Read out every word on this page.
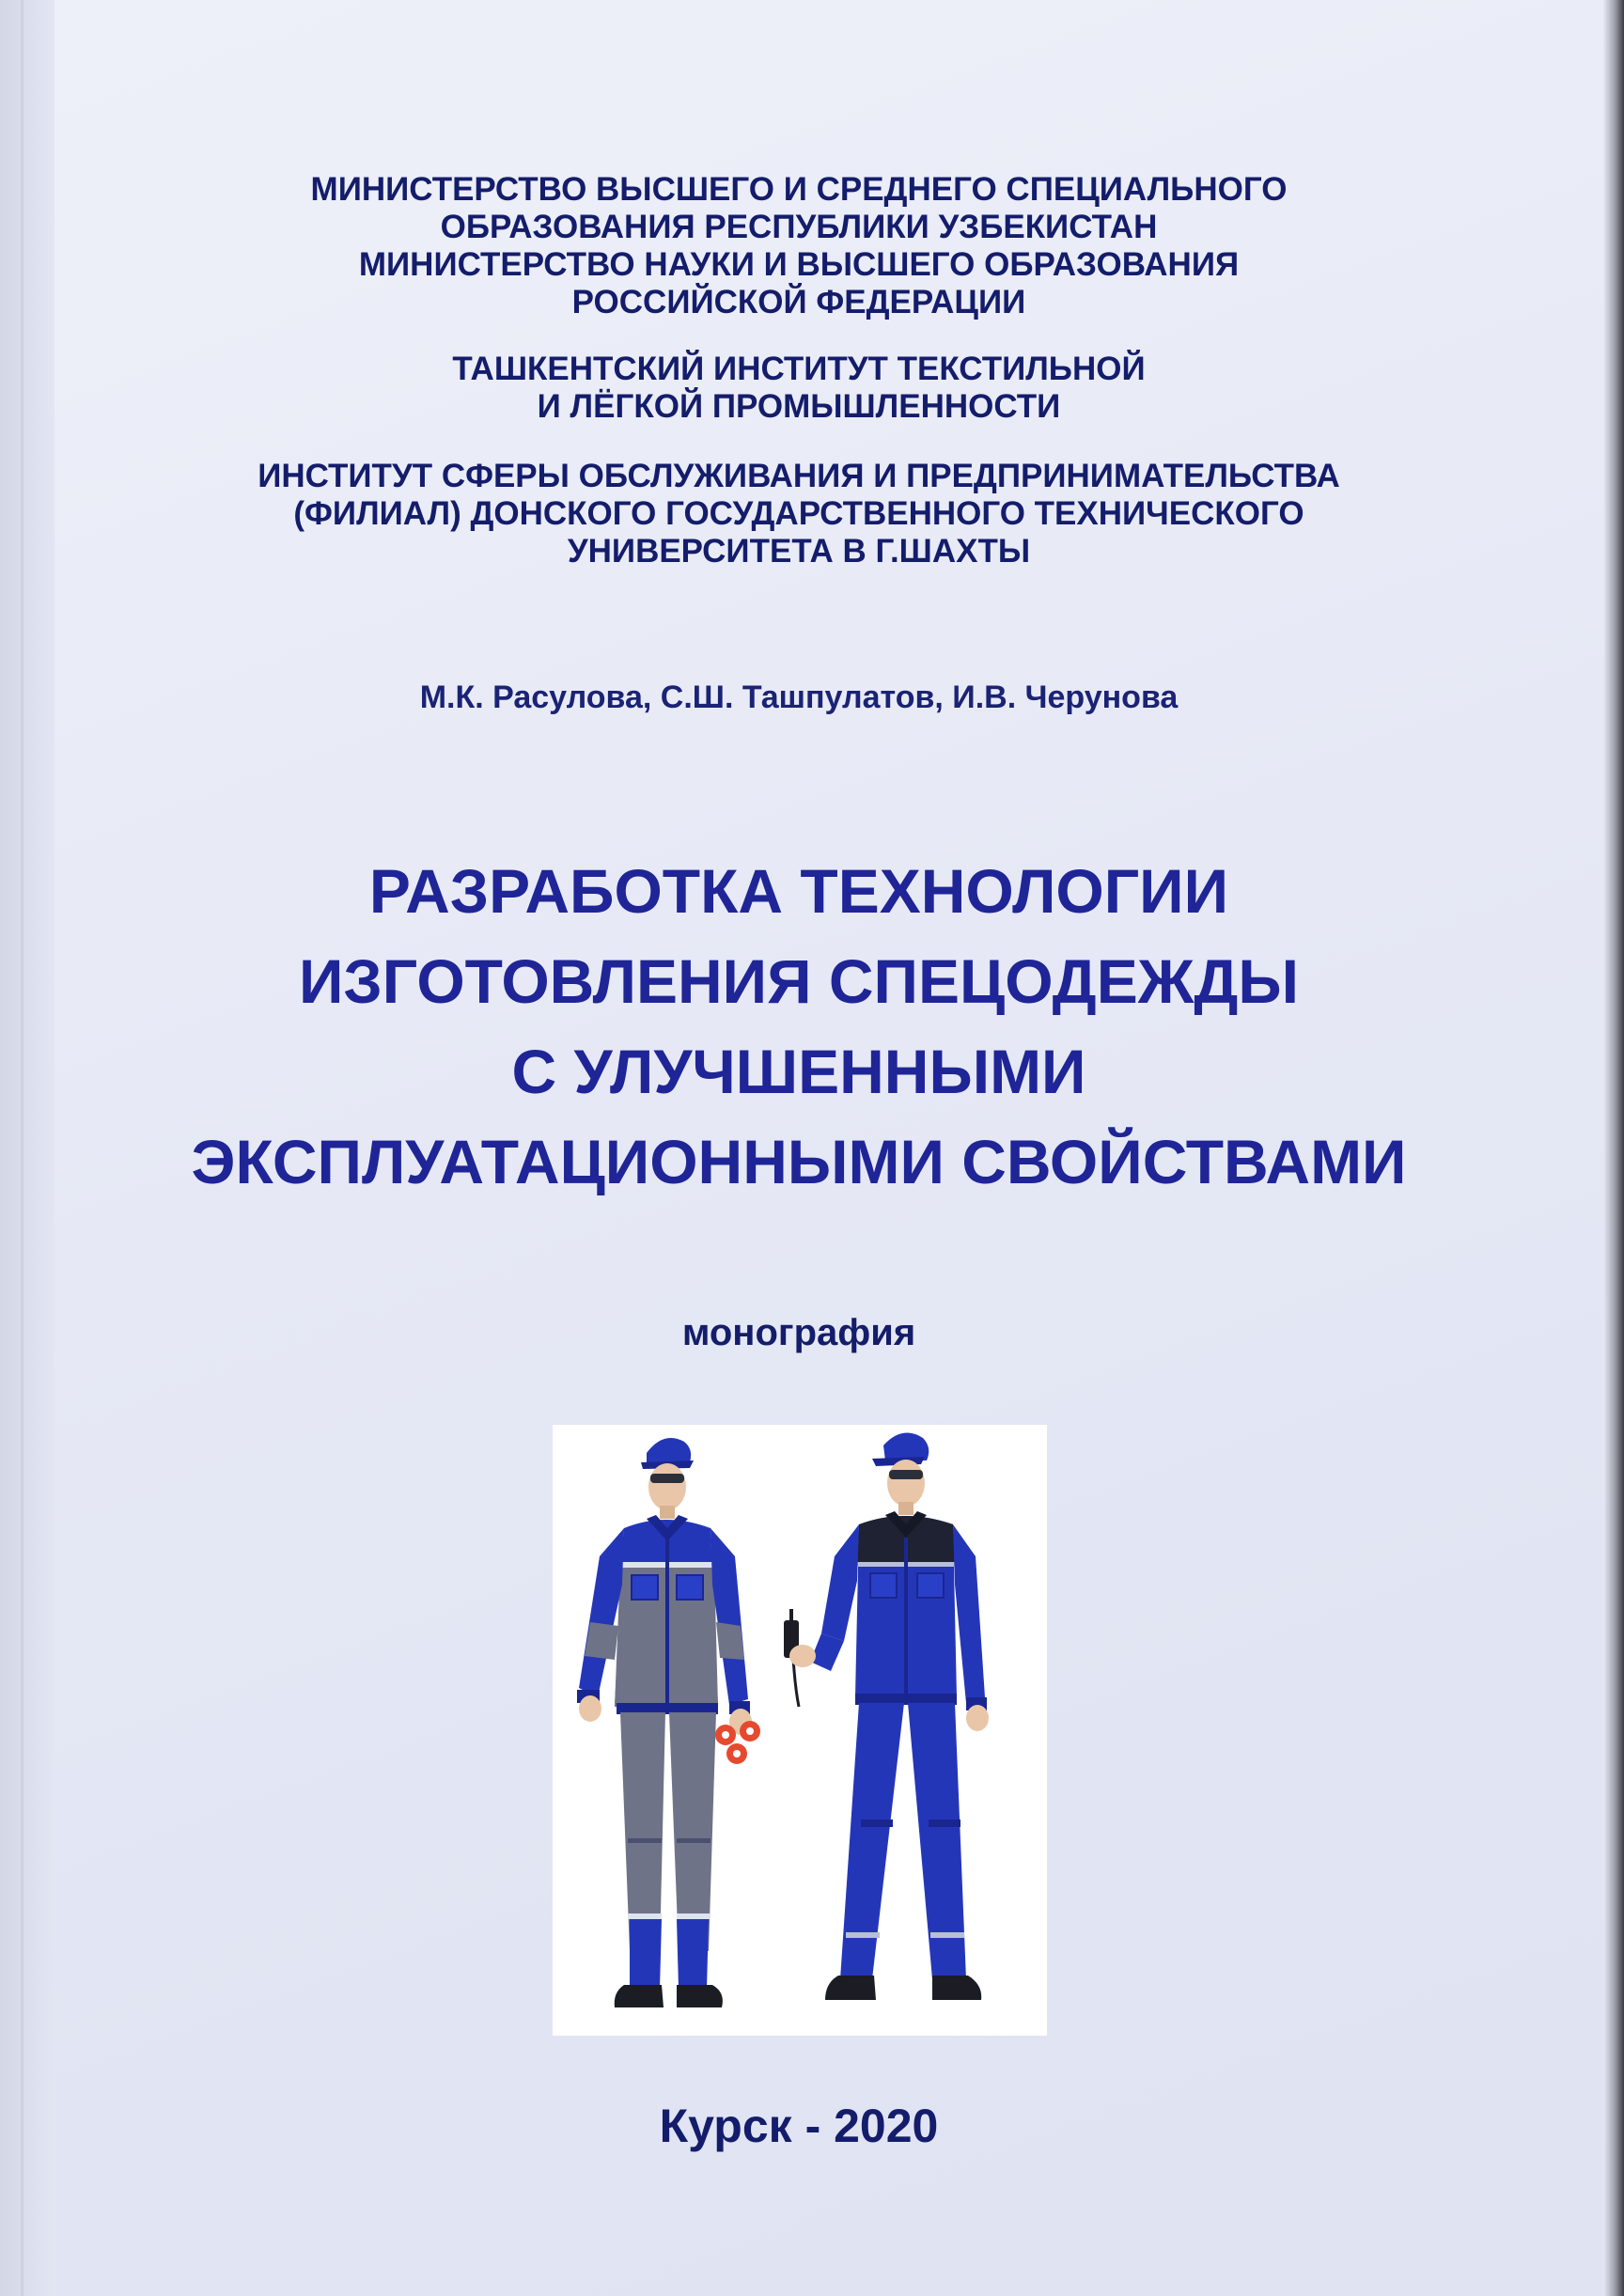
МИНИСТЕРСТВО ВЫСШЕГО И СРЕДНЕГО СПЕЦИАЛЬНОГО
ОБРАЗОВАНИЯ РЕСПУБЛИКИ УЗБЕКИСТАН
МИНИСТЕРСТВО НАУКИ И ВЫСШЕГО ОБРАЗОВАНИЯ
РОССИЙСКОЙ ФЕДЕРАЦИИ
ТАШКЕНТСКИЙ ИНСТИТУТ ТЕКСТИЛЬНОЙ
И ЛЁГКОЙ ПРОМЫШЛЕННОСТИ
ИНСТИТУТ СФЕРЫ ОБСЛУЖИВАНИЯ И ПРЕДПРИНИМАТЕЛЬСТВА
(ФИЛИАЛ) ДОНСКОГО ГОСУДАРСТВЕННОГО ТЕХНИЧЕСКОГО
УНИВЕРСИТЕТА В Г.ШАХТЫ
М.К. Расулова, С.Ш. Ташпулатов, И.В. Черунова
РАЗРАБОТКА ТЕХНОЛОГИИ
ИЗГОТОВЛЕНИЯ СПЕЦОДЕЖДЫ
С УЛУЧШЕННЫМИ
ЭКСПЛУАТАЦИОННЫМИ СВОЙСТВАМИ
монография
Курск - 2020
